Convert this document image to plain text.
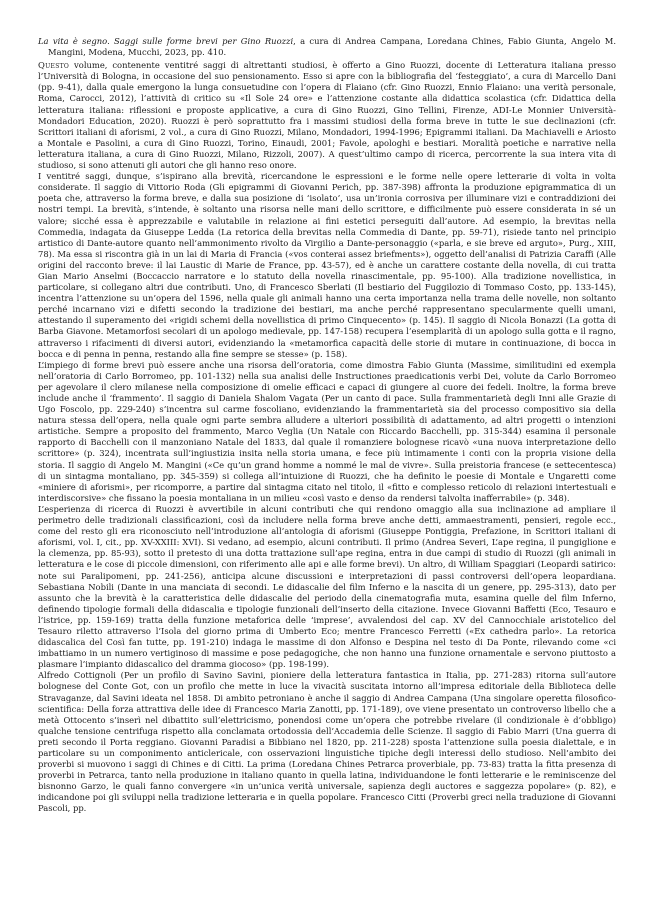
La vita è segno. Saggi sulle forme brevi per Gino Ruozzi, a cura di Andrea Campana, Loredana Chines, Fabio Giunta, Angelo M. Mangini, Modena, Mucchi, 2023, pp. 410.

Questo volume, contenente ventitré saggi di altrettanti studiosi, è offerto a Gino Ruozzi, docente di Letteratura italiana presso l’Università di Bologna, in occasione del suo pensionamento. Esso si apre con la bibliografia del ‘festeggiato’, a cura di Marcello Dani (pp. 9-41), dalla quale emergono la lunga consuetudine con l’opera di Flaiano (cfr. Gino Ruozzi, Ennio Flaiano: una verità personale, Roma, Carocci, 2012), l’attività di critico su «Il Sole 24 ore» e l’attenzione costante alla didattica scolastica (cfr. Didattica della letteratura italiana: riflessioni e proposte applicative, a cura di Gino Ruozzi, Gino Tellini, Firenze, ADI-Le Monnier Università-Mondadori Education, 2020). Ruozzi è però soprattutto fra i massimi studiosi della forma breve in tutte le sue declinazioni (cfr. Scrittori italiani di aforismi, 2 vol., a cura di Gino Ruozzi, Milano, Mondadori, 1994-1996; Epigrammi italiani. Da Machiavelli e Ariosto a Montale e Pasolini, a cura di Gino Ruozzi, Torino, Einaudi, 2001; Favole, apologhi e bestiari. Moralità poetiche e narrative nella letteratura italiana, a cura di Gino Ruozzi, Milano, Rizzoli, 2007). A quest’ultimo campo di ricerca, percorrente la sua intera vita di studioso, si sono attenuti gli autori che gli hanno reso onore.

I ventitré saggi, dunque, s’ispirano alla brevità, ricercandone le espressioni e le forme nelle opere letterarie di volta in volta considerate. Il saggio di Vittorio Roda (Gli epigrammi di Giovanni Perich, pp. 387-398) affronta la produzione epigrammatica di un poeta che, attraverso la forma breve, e dalla sua posizione di ‘isolato’, usa un’ironia corrosiva per illuminare vizi e contraddizioni dei nostri tempi. La brevità, s’intende, è soltanto una risorsa nelle mani dello scrittore, e difficilmente può essere considerata in sé un valore; sicché essa è apprezzabile e valutabile in relazione ai fini estetici perseguiti dall’autore. Ad esempio, la brevitas nella Commedia, indagata da Giuseppe Ledda (La retorica della brevitas nella Commedia di Dante, pp. 59-71), risiede tanto nel principio artistico di Dante-autore quanto nell’ammonimento rivolto da Virgilio a Dante-personaggio («parla, e sie breve ed arguto», Purg., XIII, 78). Ma essa si riscontra già in un lai di Maria di Francia («vos conterai assez briefments»), oggetto dell’analisi di Patrizia Caraffi (Alle origini del racconto breve: il lai Laustic di Marie de France, pp. 43-57), ed è anche un carattere costante della novella, di cui tratta Gian Mario Anselmi (Boccaccio narratore e lo statuto della novella rinascimentale, pp. 95-100). Alla tradizione novellistica, in particolare, si collegano altri due contributi. Uno, di Francesco Sberlati (Il bestiario del Fuggilozio di Tommaso Costo, pp. 133-145), incentra l’attenzione su un’opera del 1596, nella quale gli animali hanno una certa importanza nella trama delle novelle, non soltanto perché incarnano vizi e difetti secondo la tradizione dei bestiari, ma anche perché rappresentano specularmente quelli umani, attestando il superamento dei «rigidi schemi della novellistica di primo Cinquecento» (p. 145). Il saggio di Nicola Bonazzi (La gotta di Barba Giavone. Metamorfosi secolari di un apologo medievale, pp. 147-158) recupera l’esemplarità di un apologo sulla gotta e il ragno, attraverso i rifacimenti di diversi autori, evidenziando la «metamorfica capacità delle storie di mutare in continuazione, di bocca in bocca e di penna in penna, restando alla fine sempre se stesse» (p. 158).

L’impiego di forme brevi può essere anche una risorsa dell’oratoria, come dimostra Fabio Giunta (Massime, similitudini ed exempla nell’oratoria di Carlo Borromeo, pp. 101-132) nella sua analisi delle Instructiones praedicationis verbi Dei, volute da Carlo Borromeo per agevolare il clero milanese nella composizione di omelie efficaci e capaci di giungere al cuore dei fedeli. Inoltre, la forma breve include anche il ‘frammento’. Il saggio di Daniela Shalom Vagata (Per un canto di pace. Sulla frammentarietà degli Inni alle Grazie di Ugo Foscolo, pp. 229-240) s’incentra sul carme foscoliano, evidenziando la frammentarietà sia del processo compositivo sia della natura stessa dell’opera, nella quale ogni parte sembra alludere a ulteriori possibilità di adattamento, ad altri progetti o intenzioni artistiche. Sempre a proposito del frammento, Marco Veglia (Un Natale con Riccardo Bacchelli, pp. 315-344) esamina il personale rapporto di Bacchelli con il manzoniano Natale del 1833, dal quale il romanziere bolognese ricavò «una nuova interpretazione dello scrittore» (p. 324), incentrata sull’ingiustizia insita nella storia umana, e fece più intimamente i conti con la propria visione della storia. Il saggio di Angelo M. Mangini («Ce qu’un grand homme a nommé le mal de vivre». Sulla preistoria francese (e settecentesca) di un sintagma montaliano, pp. 345-359) si collega all’intuizione di Ruozzi, che ha definito le poesie di Montale e Ungaretti come «miniere di aforismi», per ricomporre, a partire dal sintagma citato nel titolo, il «fitto e complesso reticolo di relazioni intertestuali e interdiscorsive» che fissano la poesia montaliana in un milieu «così vasto e denso da rendersi talvolta inafferrabile» (p. 348).

L’esperienza di ricerca di Ruozzi è avvertibile in alcuni contributi che qui rendono omaggio alla sua inclinazione ad ampliare il perimetro delle tradizionali classificazioni, così da includere nella forma breve anche detti, ammaestramenti, pensieri, regole ecc., come del resto gli era riconosciuto nell’introduzione all’antologia di aforismi (Giuseppe Pontiggia, Prefazione, in Scrittori italiani di aforismi, vol. I, cit., pp. XV-XXIII: XVI). Si vedano, ad esempio, alcuni contributi. Il primo (Andrea Severi, L’ape regina, il pungiglione e la clemenza, pp. 85-93), sotto il pretesto di una dotta trattazione sull’ape regina, entra in due campi di studio di Ruozzi (gli animali in letteratura e le cose di piccole dimensioni, con riferimento alle api e alle forme brevi). Un altro, di William Spaggiari (Leopardi satirico: note sui Paralipomeni, pp. 241-256), anticipa alcune discussioni e interpretazioni di passi controversi dell’opera leopardiana. Sebastiana Nobili (Dante in una manciata di secondi. Le didascalie del film Inferno e la nascita di un genere, pp. 295-313), dato per assunto che la brevità è la caratteristica delle didascalie del periodo della cinematografia muta, esamina quelle del film Inferno, definendo tipologie formali della didascalia e tipologie funzionali dell’inserto della citazione. Invece Giovanni Baffetti (Eco, Tesauro e l’istrice, pp. 159-169) tratta della funzione metaforica delle ‘imprese’, avvalendosi del cap. XV del Cannocchiale aristotelico del Tesauro riletto attraverso l’Isola del giorno prima di Umberto Eco; mentre Francesco Ferretti («Ex cathedra parlo». La retorica didascalica del Così fan tutte, pp. 191-210) indaga le massime di don Alfonso e Despina nel testo di Da Ponte, rilevando come «ci imbattiamo in un numero vertiginoso di massime e pose pedagogiche, che non hanno una funzione ornamentale e servono piuttosto a plasmare l’impianto didascalico del dramma giocoso» (pp. 198-199).

Alfredo Cottignoli (Per un profilo di Savino Savini, pioniere della letteratura fantastica in Italia, pp. 271-283) ritorna sull’autore bolognese del Conte Got, con un profilo che mette in luce la vivacità suscitata intorno all’impresa editoriale della Biblioteca delle Stravaganze, dal Savini ideata nel 1858. Di ambito petroniano è anche il saggio di Andrea Campana (Una singolare operetta filosofico-scientifica: Della forza attrattiva delle idee di Francesco Maria Zanotti, pp. 171-189), ove viene presentato un controverso libello che a metà Ottocento s’inserì nel dibattito sull’elettricismo, ponendosi come un’opera che potrebbe rivelare (il condizionale è d’obbligo) qualche tensione centrifuga rispetto alla conclamata ortodossia dell’Accademia delle Scienze. Il saggio di Fabio Marri (Una guerra di preti secondo il Porta reggiano. Giovanni Paradisi a Bibbiano nel 1820, pp. 211-228) sposta l’attenzione sulla poesia dialettale, e in particolare su un componimento anticlericale, con osservazioni linguistiche tipiche degli interessi dello studioso. Nell’ambito dei proverbi si muovono i saggi di Chines e di Citti. La prima (Loredana Chines Petrarca proverbiale, pp. 73-83) tratta la fitta presenza di proverbi in Petrarca, tanto nella produzione in italiano quanto in quella latina, individuandone le fonti letterarie e le reminiscenze del bisnonno Garzo, le quali fanno convergere «in un’unica verità universale, sapienza degli auctores e saggezza popolare» (p. 82), e indicandone poi gli sviluppi nella tradizione letteraria e in quella popolare. Francesco Citti (Proverbi greci nella traduzione di Giovanni Pascoli, pp.
